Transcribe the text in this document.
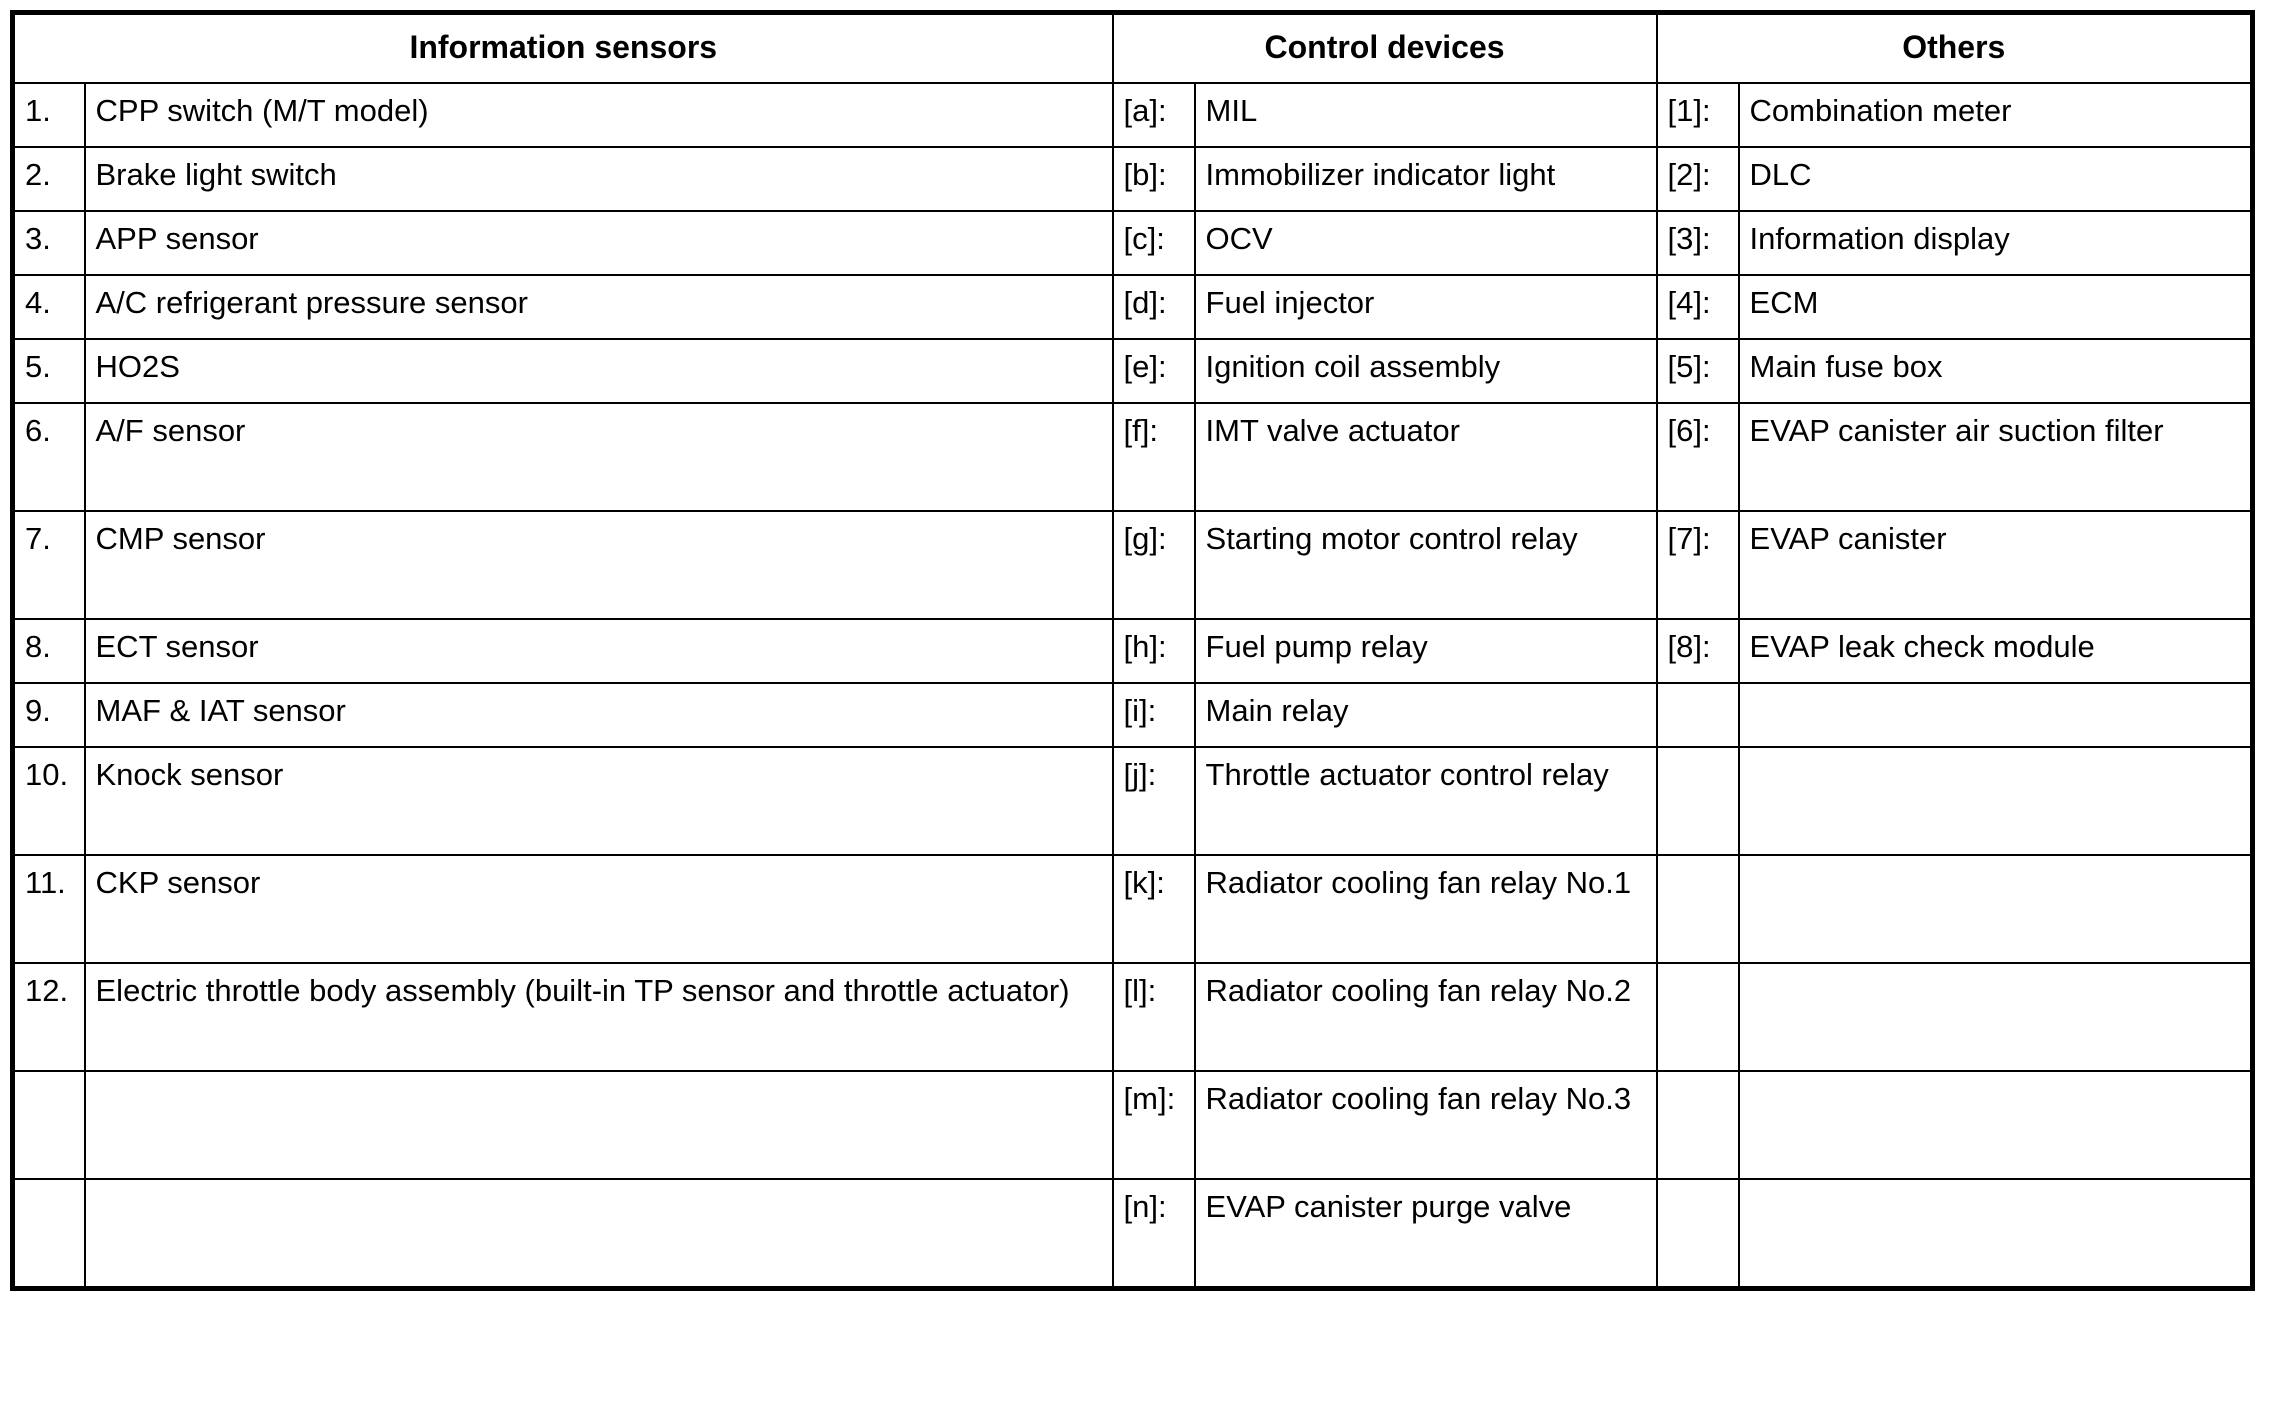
Information sensors		Control devices		Others	
1.	CPP switch (M/T model)	[a]:	MIL	[1]:	Combination meter
2.	Brake light switch	[b]:	Immobilizer indicator light	[2]:	DLC
3.	APP sensor	[c]:	OCV	[3]:	Information display
4.	A/C refrigerant pressure sensor	[d]:	Fuel injector	[4]:	ECM
5.	HO2S	[e]:	Ignition coil assembly	[5]:	Main fuse box
6.	A/F sensor	[f]:	IMT valve actuator	[6]:	EVAP canister air suction filter
7.	CMP sensor	[g]:	Starting motor control relay	[7]:	EVAP canister
8.	ECT sensor	[h]:	Fuel pump relay	[8]:	EVAP leak check module
9.	MAF & IAT sensor	[i]:	Main relay		
10.	Knock sensor	[j]:	Throttle actuator control relay		
11.	CKP sensor	[k]:	Radiator cooling fan relay No.1		
12.	Electric throttle body assembly (built-in TP sensor and throttle actuator)	[l]:	Radiator cooling fan relay No.2		
		[m]:	Radiator cooling fan relay No.3		
		[n]:	EVAP canister purge valve		
